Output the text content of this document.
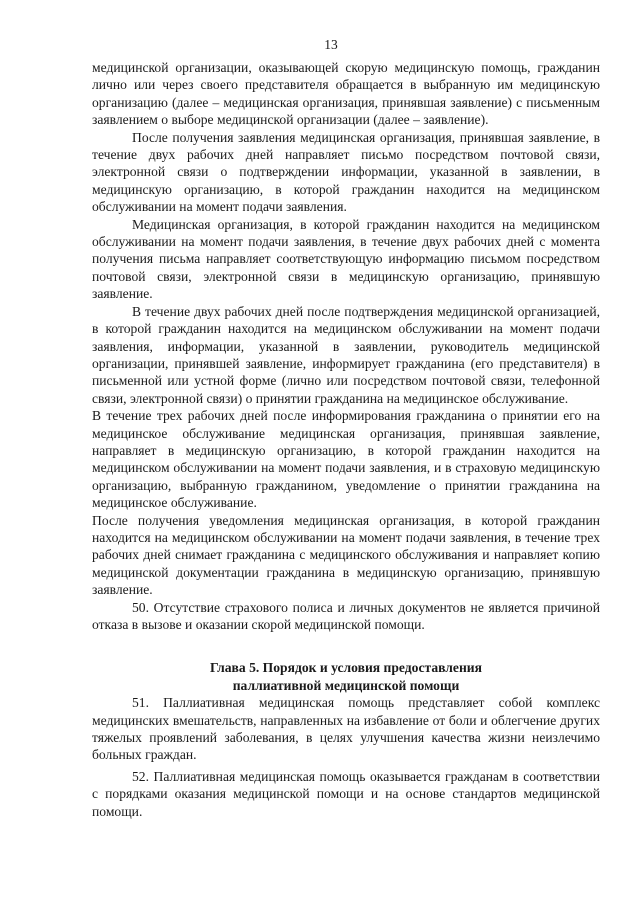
13

медицинской организации, оказывающей скорую медицинскую помощь, гражданин лично или через своего представителя обращается в выбранную им медицинскую организацию (далее – медицинская организация, принявшая заявление) с письменным заявлением о выборе медицинской организации (далее – заявление).

После получения заявления медицинская организация, принявшая заявление, в течение двух рабочих дней направляет письмо посредством почтовой связи, электронной связи о подтверждении информации, указанной в заявлении, в медицинскую организацию, в которой гражданин находится на медицинском обслуживании на момент подачи заявления.

Медицинская организация, в которой гражданин находится на медицинском обслуживании на момент подачи заявления, в течение двух рабочих дней с момента получения письма направляет соответствующую информацию письмом посредством почтовой связи, электронной связи в медицинскую организацию, принявшую заявление.

В течение двух рабочих дней после подтверждения медицинской организацией, в которой гражданин находится на медицинском обслуживании на момент подачи заявления, информации, указанной в заявлении, руководитель медицинской организации, принявшей заявление, информирует гражданина (его представителя) в письменной или устной форме (лично или посредством почтовой связи, телефонной связи, электронной связи) о принятии гражданина на медицинское обслуживание.

В течение трех рабочих дней после информирования гражданина о принятии его на медицинское обслуживание медицинская организация, принявшая заявление, направляет в медицинскую организацию, в которой гражданин находится на медицинском обслуживании на момент подачи заявления, и в страховую медицинскую организацию, выбранную гражданином, уведомление о принятии гражданина на медицинское обслуживание.

После получения уведомления медицинская организация, в которой гражданин находится на медицинском обслуживании на момент подачи заявления, в течение трех рабочих дней снимает гражданина с медицинского обслуживания и направляет копию медицинской документации гражданина в медицинскую организацию, принявшую заявление.

50. Отсутствие страхового полиса и личных документов не является причиной отказа в вызове и оказании скорой медицинской помощи.

Глава 5. Порядок и условия предоставления
паллиативной медицинской помощи

51. Паллиативная медицинская помощь представляет собой комплекс медицинских вмешательств, направленных на избавление от боли и облегчение других тяжелых проявлений заболевания, в целях улучшения качества жизни неизлечимо больных граждан.

52. Паллиативная медицинская помощь оказывается гражданам в соответствии с порядками оказания медицинской помощи и на основе стандартов медицинской помощи.
